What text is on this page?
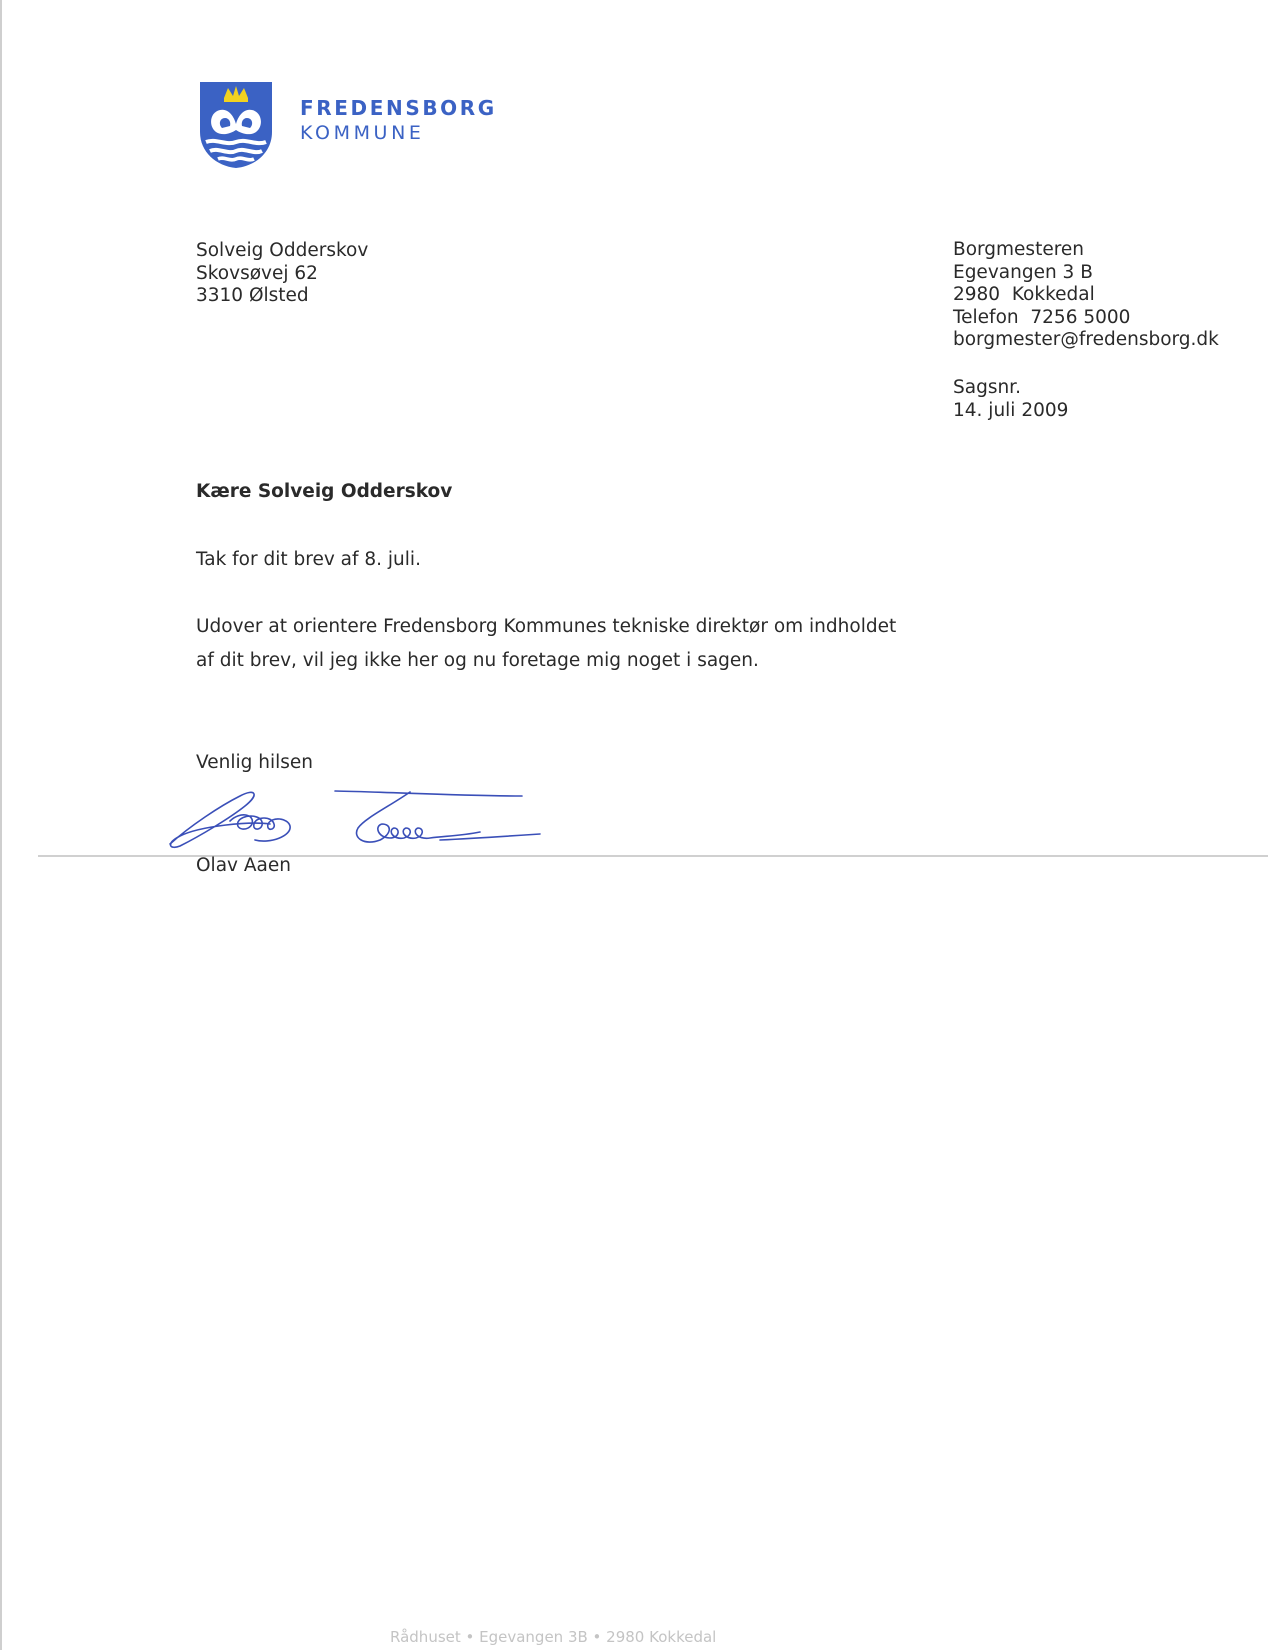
FREDENSBORG
KOMMUNE
Solveig Odderskov
Skovsøvej 62
3310 Ølsted
Borgmesteren
Egevangen 3 B
2980  Kokkedal
Telefon  7256 5000
borgmester@fredensborg.dk
Sagsnr.
14. juli 2009
Kære Solveig Odderskov
Tak for dit brev af 8. juli.
Udover at orientere Fredensborg Kommunes tekniske direktør om indholdet
af dit brev, vil jeg ikke her og nu foretage mig noget i sagen.
Venlig hilsen
Olav Aaen
Rådhuset • Egevangen 3B • 2980 Kokkedal
